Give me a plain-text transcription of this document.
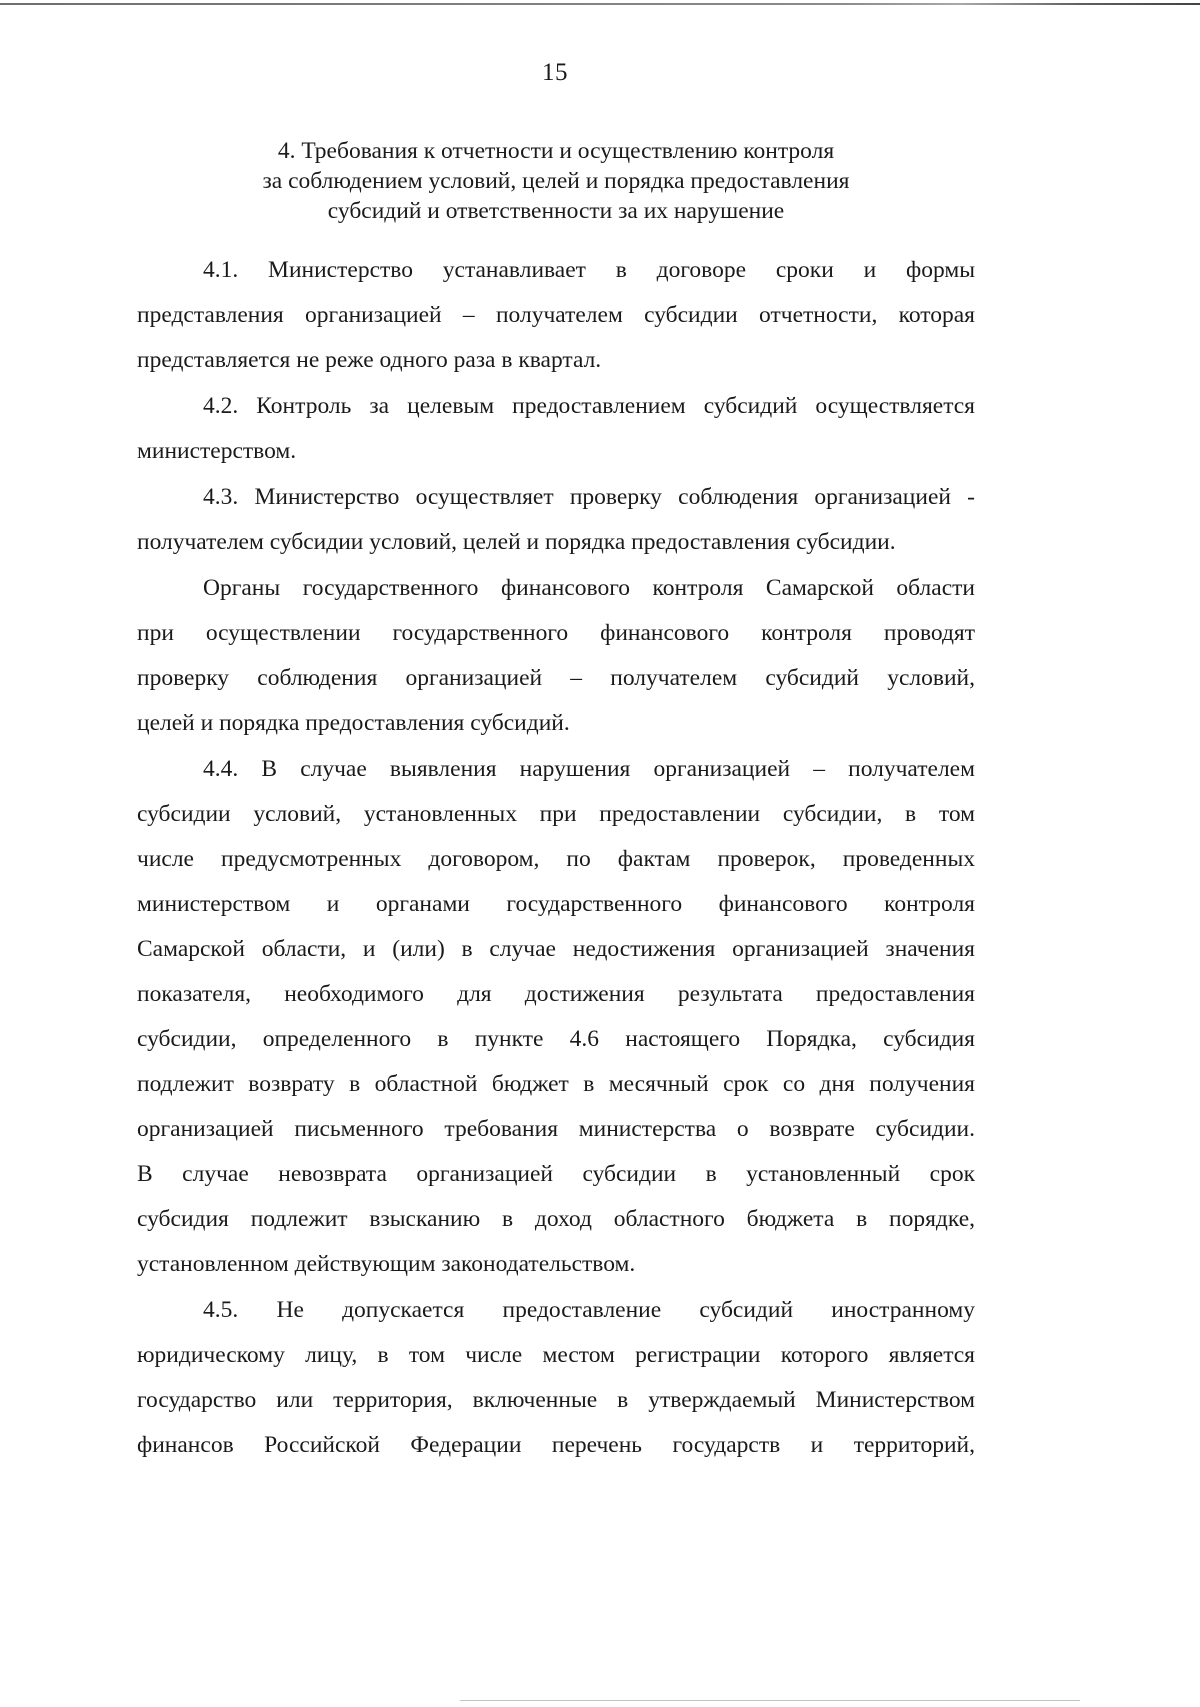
15
4. Требования к отчетности и осуществлению контроля
за соблюдением условий, целей и порядка предоставления
субсидий и ответственности за их нарушение

4.1. Министерство устанавливает в договоре сроки и формы
представления организацией – получателем субсидии отчетности, которая
представляется не реже одного раза в квартал.

4.2. Контроль за целевым предоставлением субсидий осуществляется
министерством.

4.3. Министерство осуществляет проверку соблюдения организацией -
получателем субсидии условий, целей и порядка предоставления субсидии.

Органы государственного финансового контроля Самарской области
при осуществлении государственного финансового контроля проводят
проверку соблюдения организацией – получателем субсидий условий,
целей и порядка предоставления субсидий.

4.4. В случае выявления нарушения организацией – получателем
субсидии условий, установленных при предоставлении субсидии, в том
числе предусмотренных договором, по фактам проверок, проведенных
министерством и органами государственного финансового контроля
Самарской области, и (или) в случае недостижения организацией значения
показателя, необходимого для достижения результата предоставления
субсидии, определенного в пункте 4.6 настоящего Порядка, субсидия
подлежит возврату в областной бюджет в месячный срок со дня получения
организацией письменного требования министерства о возврате субсидии.
В случае невозврата организацией субсидии в установленный срок
субсидия подлежит взысканию в доход областного бюджета в порядке,
установленном действующим законодательством.

4.5. Не допускается предоставление субсидий иностранному
юридическому лицу, в том числе местом регистрации которого является
государство или территория, включенные в утверждаемый Министерством
финансов Российской Федерации перечень государств и территорий,
